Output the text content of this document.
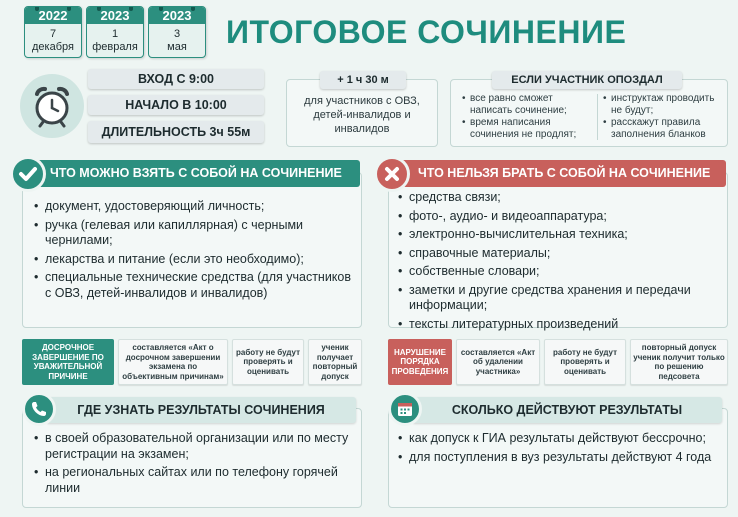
2022
7
декабря
2023
1
февраля
2023
3
мая	ИТОГОВОЕ СОЧИНЕНИЕ
ВХОД С 9:00
НАЧАЛО В 10:00
ДЛИТЕЛЬНОСТЬ 3ч 55м
+ 1 ч 30 м
для участников с ОВЗ, детей-инвалидов и инвалидов
ЕСЛИ УЧАСТНИК ОПОЗДАЛ
• все равно сможет написать сочинение;
• время написания сочинения не продлят;
• инструктаж проводить не будут;
• расскажут правила заполнения бланков
ЧТО МОЖНО ВЗЯТЬ С СОБОЙ НА СОЧИНЕНИЕ
• документ, удостоверяющий личность;
• ручка (гелевая или капиллярная) с черными чернилами;
• лекарства и питание (если это необходимо);
• специальные технические средства (для участников с ОВЗ, детей-инвалидов и инвалидов)
ЧТО НЕЛЬЗЯ БРАТЬ С СОБОЙ НА СОЧИНЕНИЕ
• средства связи;
• фото-, аудио- и видеоаппаратура;
• электронно-вычислительная техника;
• справочные материалы;
• собственные словари;
• заметки и другие средства хранения и передачи информации;
• тексты литературных произведений
ДОСРОЧНОЕ ЗАВЕРШЕНИЕ ПО УВАЖИТЕЛЬНОЙ ПРИЧИНЕ
составляется «Акт о досрочном завершении экзамена по объективным причинам»
работу не будут проверять и оценивать
ученик получает повторный допуск
НАРУШЕНИЕ ПОРЯДКА ПРОВЕДЕНИЯ
составляется «Акт об удалении участника»
работу не будут проверять и оценивать
повторный допуск ученик получит только по решению педсовета
ГДЕ УЗНАТЬ РЕЗУЛЬТАТЫ СОЧИНЕНИЯ
• в своей образовательной организации или по месту регистрации на экзамен;
• на региональных сайтах или по телефону горячей линии
СКОЛЬКО ДЕЙСТВУЮТ РЕЗУЛЬТАТЫ
• как допуск к ГИА результаты действуют бессрочно;
• для поступления в вуз результаты действуют 4 года
